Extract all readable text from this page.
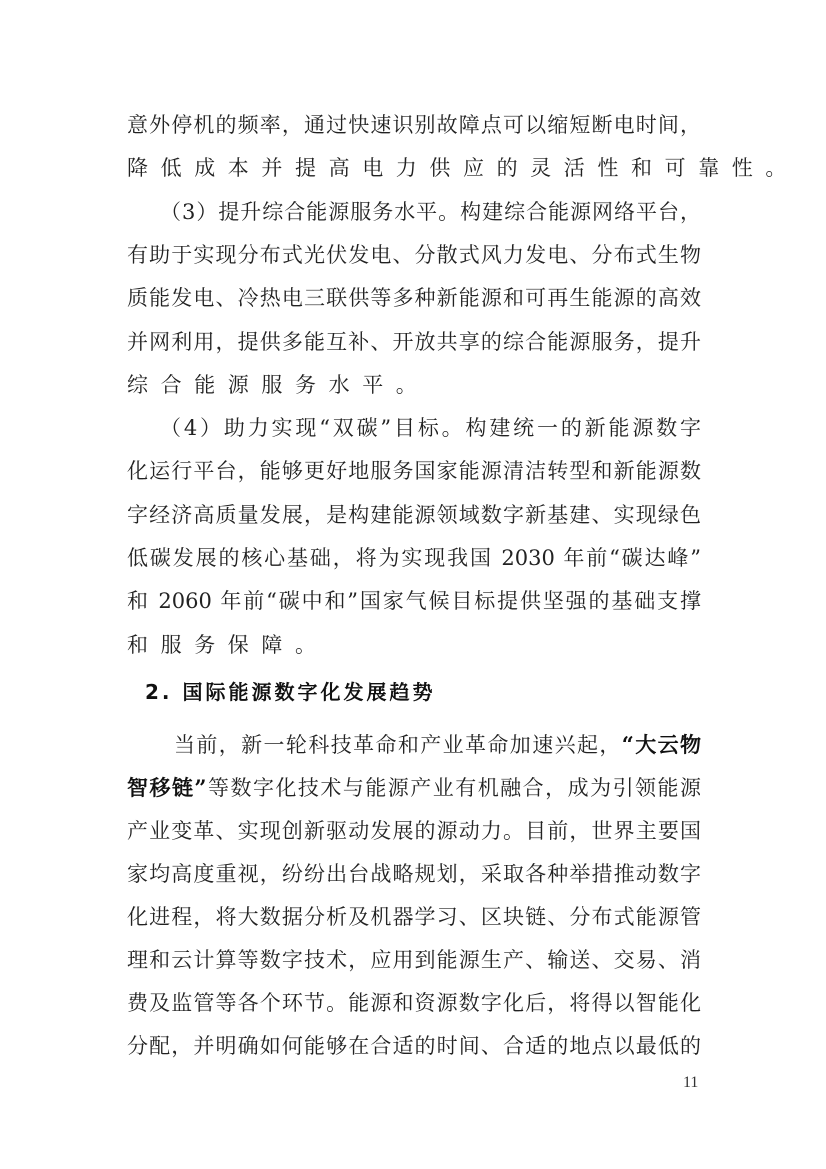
2. 国际能源数字化发展趋势
11
意外停机的频率，通过快速识别故障点可以缩短断电时间，
降低成本并提高电力供应的灵活性和可靠性。
（3）提升综合能源服务水平。构建综合能源网络平台，
有助于实现分布式光伏发电、分散式风力发电、分布式生物
质能发电、冷热电三联供等多种新能源和可再生能源的高效
并网利用，提供多能互补、开放共享的综合能源服务，提升
综合能源服务水平。
（4）助力实现“双碳”目标。构建统一的新能源数字
化运行平台，能够更好地服务国家能源清洁转型和新能源数
字经济高质量发展，是构建能源领域数字新基建、实现绿色
低碳发展的核心基础，将为实现我国 2030 年前“碳达峰”
和 2060 年前“碳中和”国家气候目标提供坚强的基础支撑
和服务保障。
当前，新一轮科技革命和产业革命加速兴起，“大云物
智移链”等数字化技术与能源产业有机融合，成为引领能源
产业变革、实现创新驱动发展的源动力。目前，世界主要国
家均高度重视，纷纷出台战略规划，采取各种举措推动数字
化进程，将大数据分析及机器学习、区块链、分布式能源管
理和云计算等数字技术，应用到能源生产、输送、交易、消
费及监管等各个环节。能源和资源数字化后，将得以智能化
分配，并明确如何能够在合适的时间、合适的地点以最低的
